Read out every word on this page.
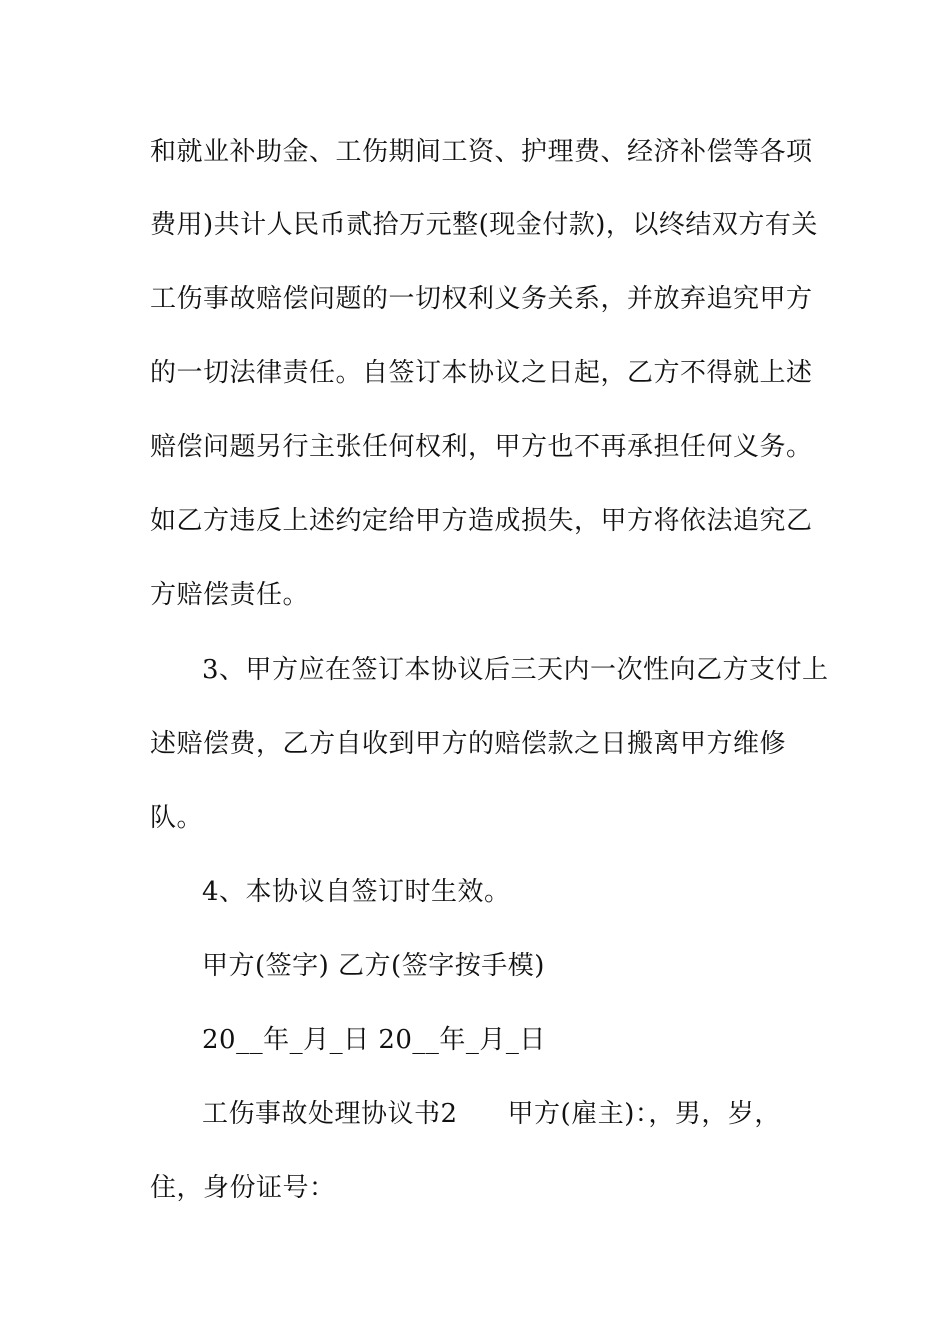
和就业补助金、工伤期间工资、护理费、经济补偿等各项
费用)共计人民币贰拾万元整(现金付款)，以终结双方有关
工伤事故赔偿问题的一切权利义务关系，并放弃追究甲方
的一切法律责任。自签订本协议之日起，乙方不得就上述
赔偿问题另行主张任何权利，甲方也不再承担任何义务。
如乙方违反上述约定给甲方造成损失，甲方将依法追究乙
方赔偿责任。
3、甲方应在签订本协议后三天内一次性向乙方支付上
述赔偿费，乙方自收到甲方的赔偿款之日搬离甲方维修
队。
4、本协议自签订时生效。
甲方(签字) 乙方(签字按手模)
20__年_月_日 20__年_月_日
工伤事故处理协议书2 甲方(雇主)：，男，岁，
住，身份证号：
